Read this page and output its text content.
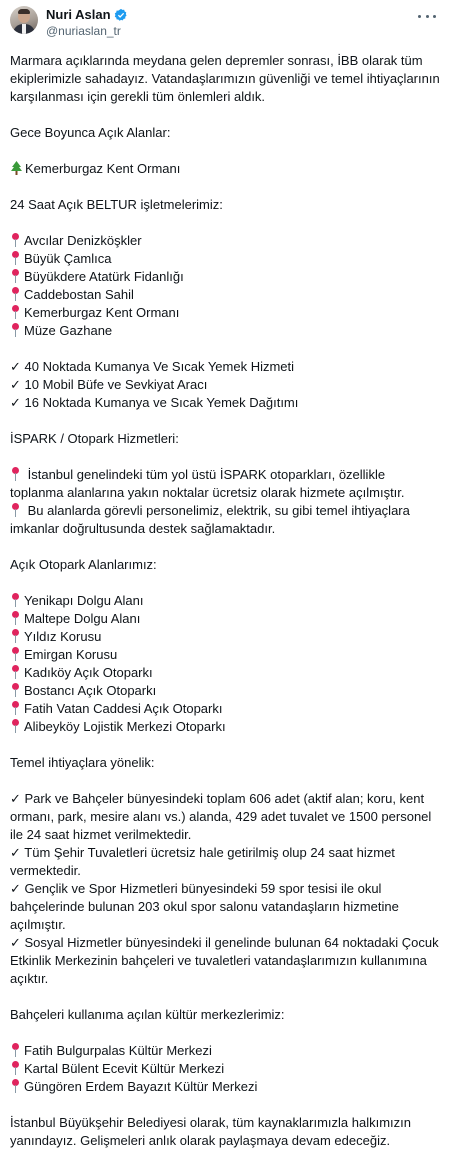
Nuri Aslan
@nuriaslan_tr

Marmara açıklarında meydana gelen depremler sonrası, İBB olarak tüm ekiplerimizle sahadayız. Vatandaşlarımızın güvenliği ve temel ihtiyaçlarının karşılanması için gerekli tüm önlemleri aldık.

Gece Boyunca Açık Alanlar:

Kemerburgaz Kent Ormanı

24 Saat Açık BELTUR işletmelerimiz:

Avcılar Denizköşkler
Büyük Çamlıca
Büyükdere Atatürk Fidanlığı
Caddebostan Sahil
Kemerburgaz Kent Ormanı
Müze Gazhane
✓ 40 Noktada Kumanya Ve Sıcak Yemek Hizmeti
✓ 10 Mobil Büfe ve Sevkiyat Aracı
✓ 16 Noktada Kumanya ve Sıcak Yemek Dağıtımı

İSPARK / Otopark Hizmetleri:

İstanbul genelindeki tüm yol üstü İSPARK otoparkları, özellikle toplanma alanlarına yakın noktalar ücretsiz olarak hizmete açılmıştır.
Bu alanlarda görevli personelimiz, elektrik, su gibi temel ihtiyaçlara imkanlar doğrultusunda destek sağlamaktadır.

Açık Otopark Alanlarımız:

Yenikapı Dolgu Alanı
Maltepe Dolgu Alanı
Yıldız Korusu
Emirgan Korusu
Kadıköy Açık Otoparkı
Bostancı Açık Otoparkı
Fatih Vatan Caddesi Açık Otoparkı
Alibeyköy Lojistik Merkezi Otoparkı

Temel ihtiyaçlara yönelik:

✓ Park ve Bahçeler bünyesindeki toplam 606 adet (aktif alan; koru, kent ormanı, park, mesire alanı vs.) alanda, 429 adet tuvalet ve 1500 personel ile 24 saat hizmet verilmektedir.
✓ Tüm Şehir Tuvaletleri ücretsiz hale getirilmiş olup 24 saat hizmet vermektedir.
✓ Gençlik ve Spor Hizmetleri bünyesindeki 59 spor tesisi ile okul bahçelerinde bulunan 203 okul spor salonu vatandaşların hizmetine açılmıştır.
✓ Sosyal Hizmetler bünyesindeki il genelinde bulunan 64 noktadaki Çocuk Etkinlik Merkezinin bahçeleri ve tuvaletleri vatandaşlarımızın kullanımına açıktır.

Bahçeleri kullanıma açılan kültür merkezlerimiz:

Fatih Bulgurpalas Kültür Merkezi
Kartal Bülent Ecevit Kültür Merkezi
Güngören Erdem Bayazıt Kültür Merkezi

İstanbul Büyükşehir Belediyesi olarak, tüm kaynaklarımızla halkımızın yanındayız. Gelişmeleri anlık olarak paylaşmaya devam edeceğiz.
